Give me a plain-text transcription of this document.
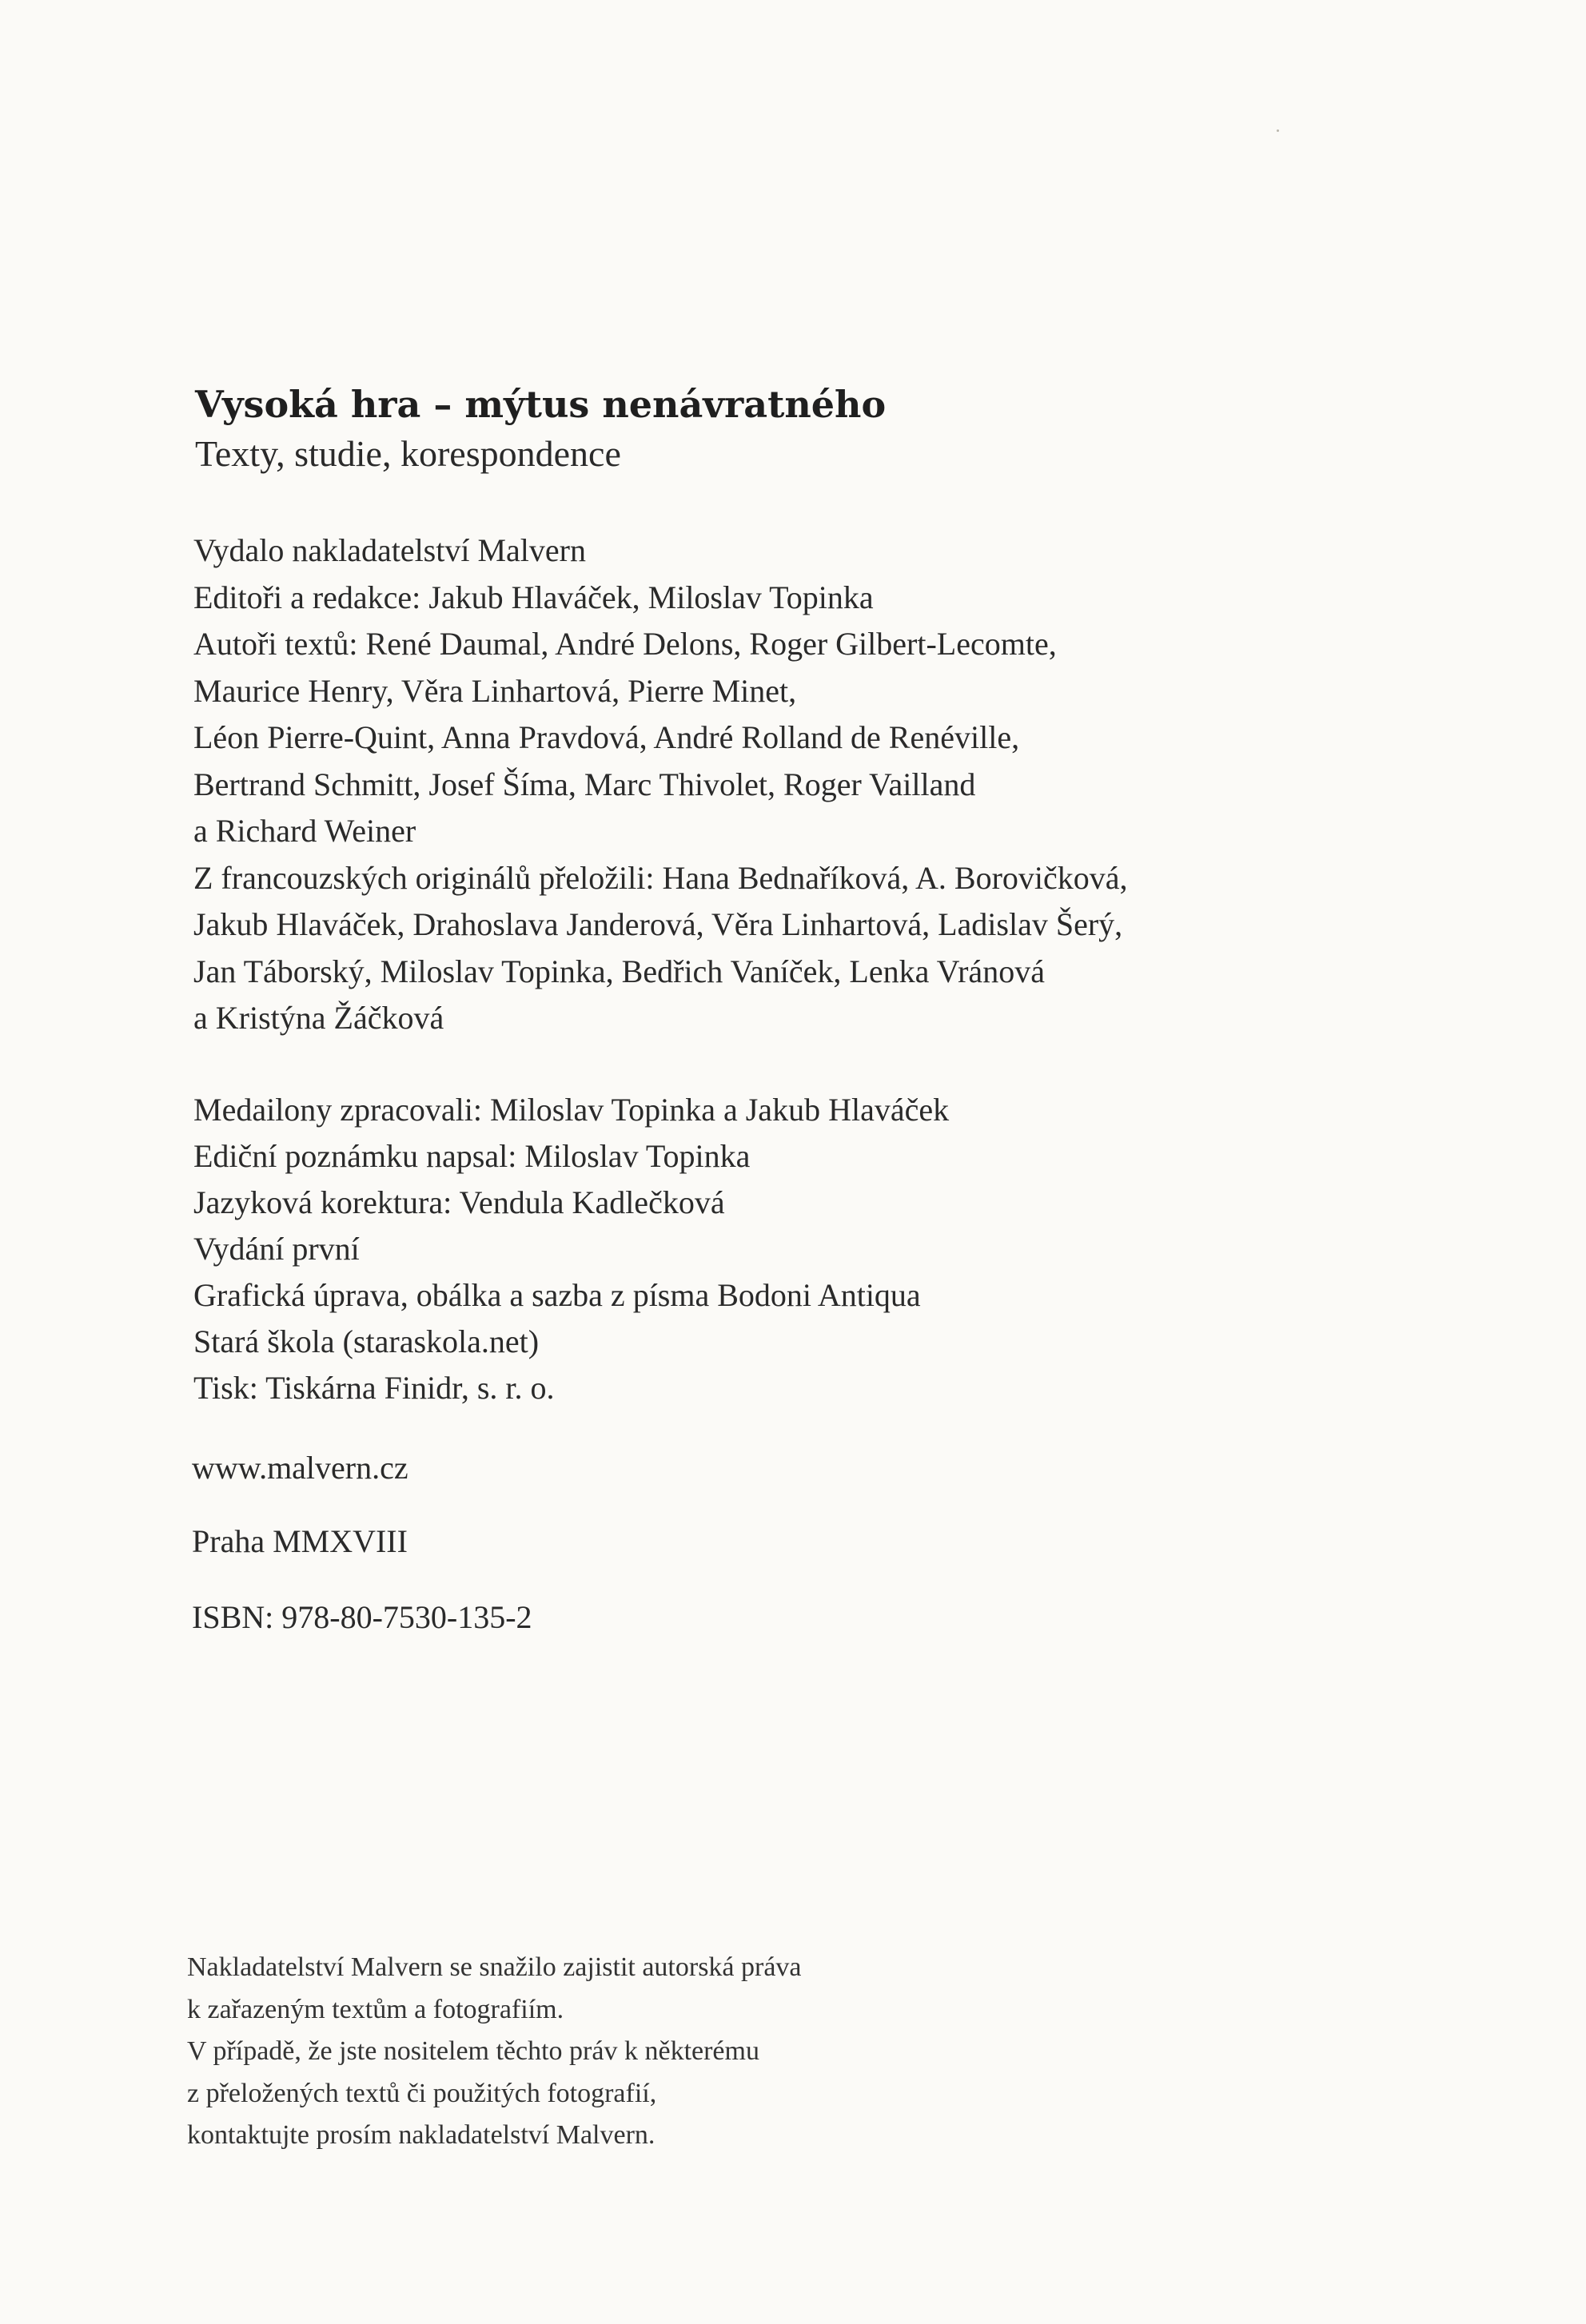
Vysoká hra – mýtus nenávratného

Texty, studie, korespondence

Vydalo nakladatelství Malvern
Editoři a redakce: Jakub Hlaváček, Miloslav Topinka
Autoři textů: René Daumal, André Delons, Roger Gilbert-Lecomte,
Maurice Henry, Věra Linhartová, Pierre Minet,
Léon Pierre-Quint, Anna Pravdová, André Rolland de Renéville,
Bertrand Schmitt, Josef Šíma, Marc Thivolet, Roger Vailland
a Richard Weiner
Z francouzských originálů přeložili: Hana Bednaříková, A. Borovičková,
Jakub Hlaváček, Drahoslava Janderová, Věra Linhartová, Ladislav Šerý,
Jan Táborský, Miloslav Topinka, Bedřich Vaníček, Lenka Vránová
a Kristýna Žáčková
Medailony zpracovali: Miloslav Topinka a Jakub Hlaváček
Ediční poznámku napsal: Miloslav Topinka
Jazyková korektura: Vendula Kadlečková
Vydání první
Grafická úprava, obálka a sazba z písma Bodoni Antiqua
Stará škola (staraskola.net)
Tisk: Tiskárna Finidr, s. r. o.

www.malvern.cz

Praha MMXVIII

ISBN: 978-80-7530-135-2

Nakladatelství Malvern se snažilo zajistit autorská práva
k zařazeným textům a fotografiím.
V případě, že jste nositelem těchto práv k některému
z přeložených textů či použitých fotografií,
kontaktujte prosím nakladatelství Malvern.
